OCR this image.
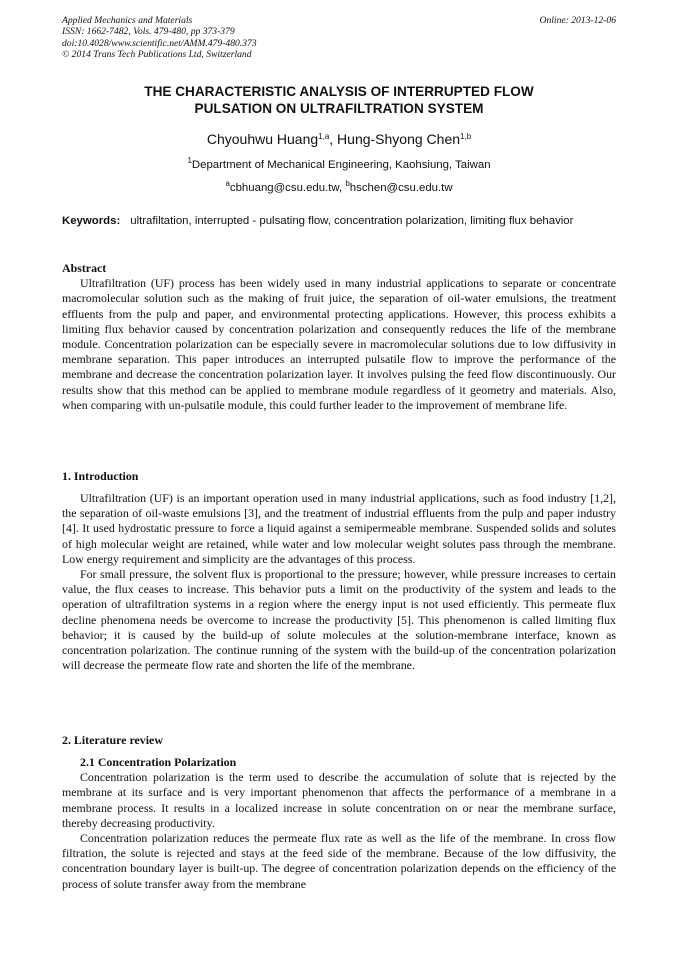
Applied Mechanics and Materials
ISSN: 1662-7482, Vols. 479-480, pp 373-379
doi:10.4028/www.scientific.net/AMM.479-480.373
© 2014 Trans Tech Publications Ltd, Switzerland
Online: 2013-12-06
THE CHARACTERISTIC ANALYSIS OF INTERRUPTED FLOW
PULSATION ON ULTRAFILTRATION SYSTEM
Chyouhwu Huang$^{1,a}$, Hung-Shyong Chen$^{1,b}$
$^1$Department of Mechanical Engineering, Kaohsiung, Taiwan
$^a$cbhuang@csu.edu.tw, $^b$hschen@csu.edu.tw
Keywords: ultrafiltation, interrupted - pulsating flow, concentration polarization, limiting flux behavior

Abstract

Ultrafiltration (UF) process has been widely used in many industrial applications to separate or concentrate macromolecular solution such as the making of fruit juice, the separation of oil-water emulsions, the treatment effluents from the pulp and paper, and environmental protecting applications. However, this process exhibits a limiting flux behavior caused by concentration polarization and consequently reduces the life of the membrane module. Concentration polarization can be especially severe in macromolecular solutions due to low diffusivity in membrane separation. This paper introduces an interrupted pulsatile flow to improve the performance of the membrane and decrease the concentration polarization layer. It involves pulsing the feed flow discontinuously. Our results show that this method can be applied to membrane module regardless of it geometry and materials. Also, when comparing with un-pulsatile module, this could further leader to the improvement of membrane life.

1. Introduction

Ultrafiltration (UF) is an important operation used in many industrial applications, such as food industry [1,2], the separation of oil-waste emulsions [3], and the treatment of industrial effluents from the pulp and paper industry [4]. It used hydrostatic pressure to force a liquid against a semipermeable membrane. Suspended solids and solutes of high molecular weight are retained, while water and low molecular weight solutes pass through the membrane. Low energy requirement and simplicity are the advantages of this process.

For small pressure, the solvent flux is proportional to the pressure; however, while pressure increases to certain value, the flux ceases to increase. This behavior puts a limit on the productivity of the system and leads to the operation of ultrafiltration systems in a region where the energy input is not used efficiently. This permeate flux decline phenomena needs be overcome to increase the productivity [5]. This phenomenon is called limiting flux behavior; it is caused by the build-up of solute molecules at the solution-membrane interface, known as concentration polarization. The continue running of the system with the build-up of the concentration polarization will decrease the permeate flow rate and shorten the life of the membrane.

2. Literature review

2.1 Concentration Polarization

Concentration polarization is the term used to describe the accumulation of solute that is rejected by the membrane at its surface and is very important phenomenon that affects the performance of a membrane in a membrane process. It results in a localized increase in solute concentration on or near the membrane surface, thereby decreasing productivity.

Concentration polarization reduces the permeate flux rate as well as the life of the membrane. In cross flow filtration, the solute is rejected and stays at the feed side of the membrane. Because of the low diffusivity, the concentration boundary layer is built-up. The degree of concentration polarization depends on the efficiency of the process of solute transfer away from the membrane
